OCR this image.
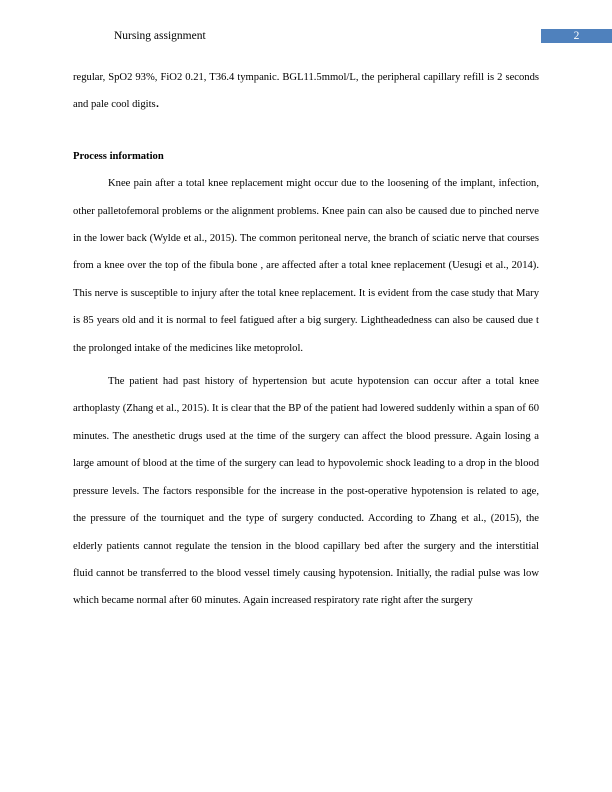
Nursing assignment	2

regular, SpO2 93%, FiO2 0.21, T36.4 tympanic. BGL11.5mmol/L, the peripheral capillary refill is 2 seconds and pale cool digits.

Process information

Knee pain after a total knee replacement might occur due to the loosening of the implant, infection, other palletofemoral problems or the alignment problems. Knee pain can also be caused due to pinched nerve in the lower back (Wylde et al., 2015). The common peritoneal nerve, the branch of sciatic nerve that courses from a knee over the top of the fibula bone , are affected after a total knee replacement (Uesugi et al., 2014). This nerve is susceptible to injury after the total knee replacement. It is evident from the case study that Mary is 85 years old and it is normal to feel fatigued after a big surgery. Lightheadedness can also be caused due t the prolonged intake of the medicines like metoprolol.

The patient had past history of hypertension but acute hypotension can occur after a total knee arthoplasty (Zhang et al., 2015). It is clear that the BP of the patient had lowered suddenly within a span of 60 minutes. The anesthetic drugs used at the time of the surgery can affect the blood pressure. Again losing a large amount of blood at the time of the surgery can lead to hypovolemic shock leading to a drop in the blood pressure levels. The factors responsible for the increase in the post-operative hypotension is related to age, the pressure of the tourniquet and the type of surgery conducted. According to Zhang et al., (2015), the elderly patients cannot regulate the tension in the blood capillary bed after the surgery and the interstitial fluid cannot be transferred to the blood vessel timely causing hypotension. Initially, the radial pulse was low which became normal after 60 minutes. Again increased respiratory rate right after the surgery
